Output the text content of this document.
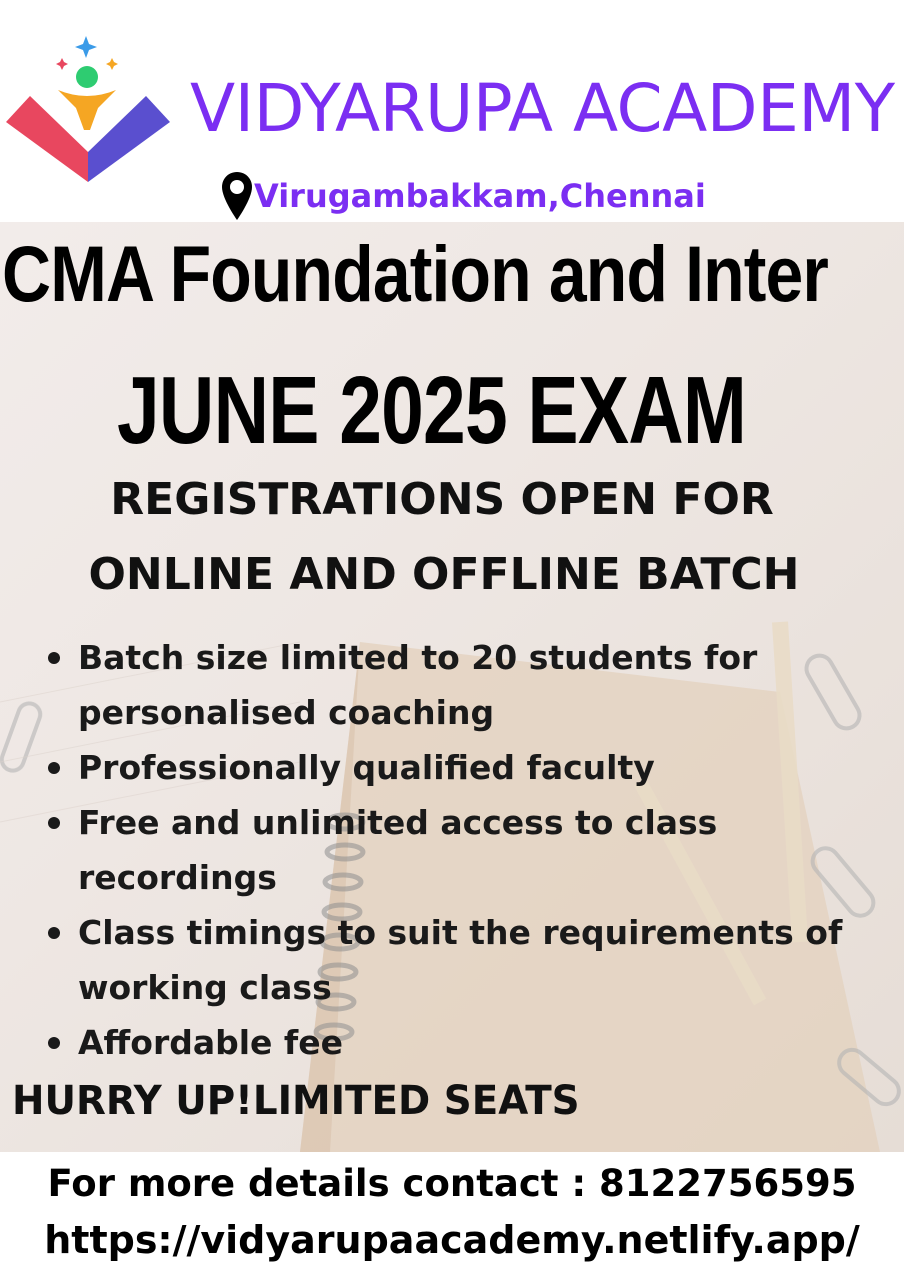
VIDYARUPA ACADEMY
Virugambakkam,Chennai
CMA Foundation and Inter
JUNE 2025 EXAM
REGISTRATIONS OPEN FOR
ONLINE AND OFFLINE BATCH
Batch size limited to 20 students for personalised coaching
Professionally qualified faculty
Free and unlimited access to class recordings
Class timings to suit the requirements of working class
Affordable fee
HURRY UP!LIMITED SEATS
For more details contact : 8122756595
https://vidyarupaacademy.netlify.app/
